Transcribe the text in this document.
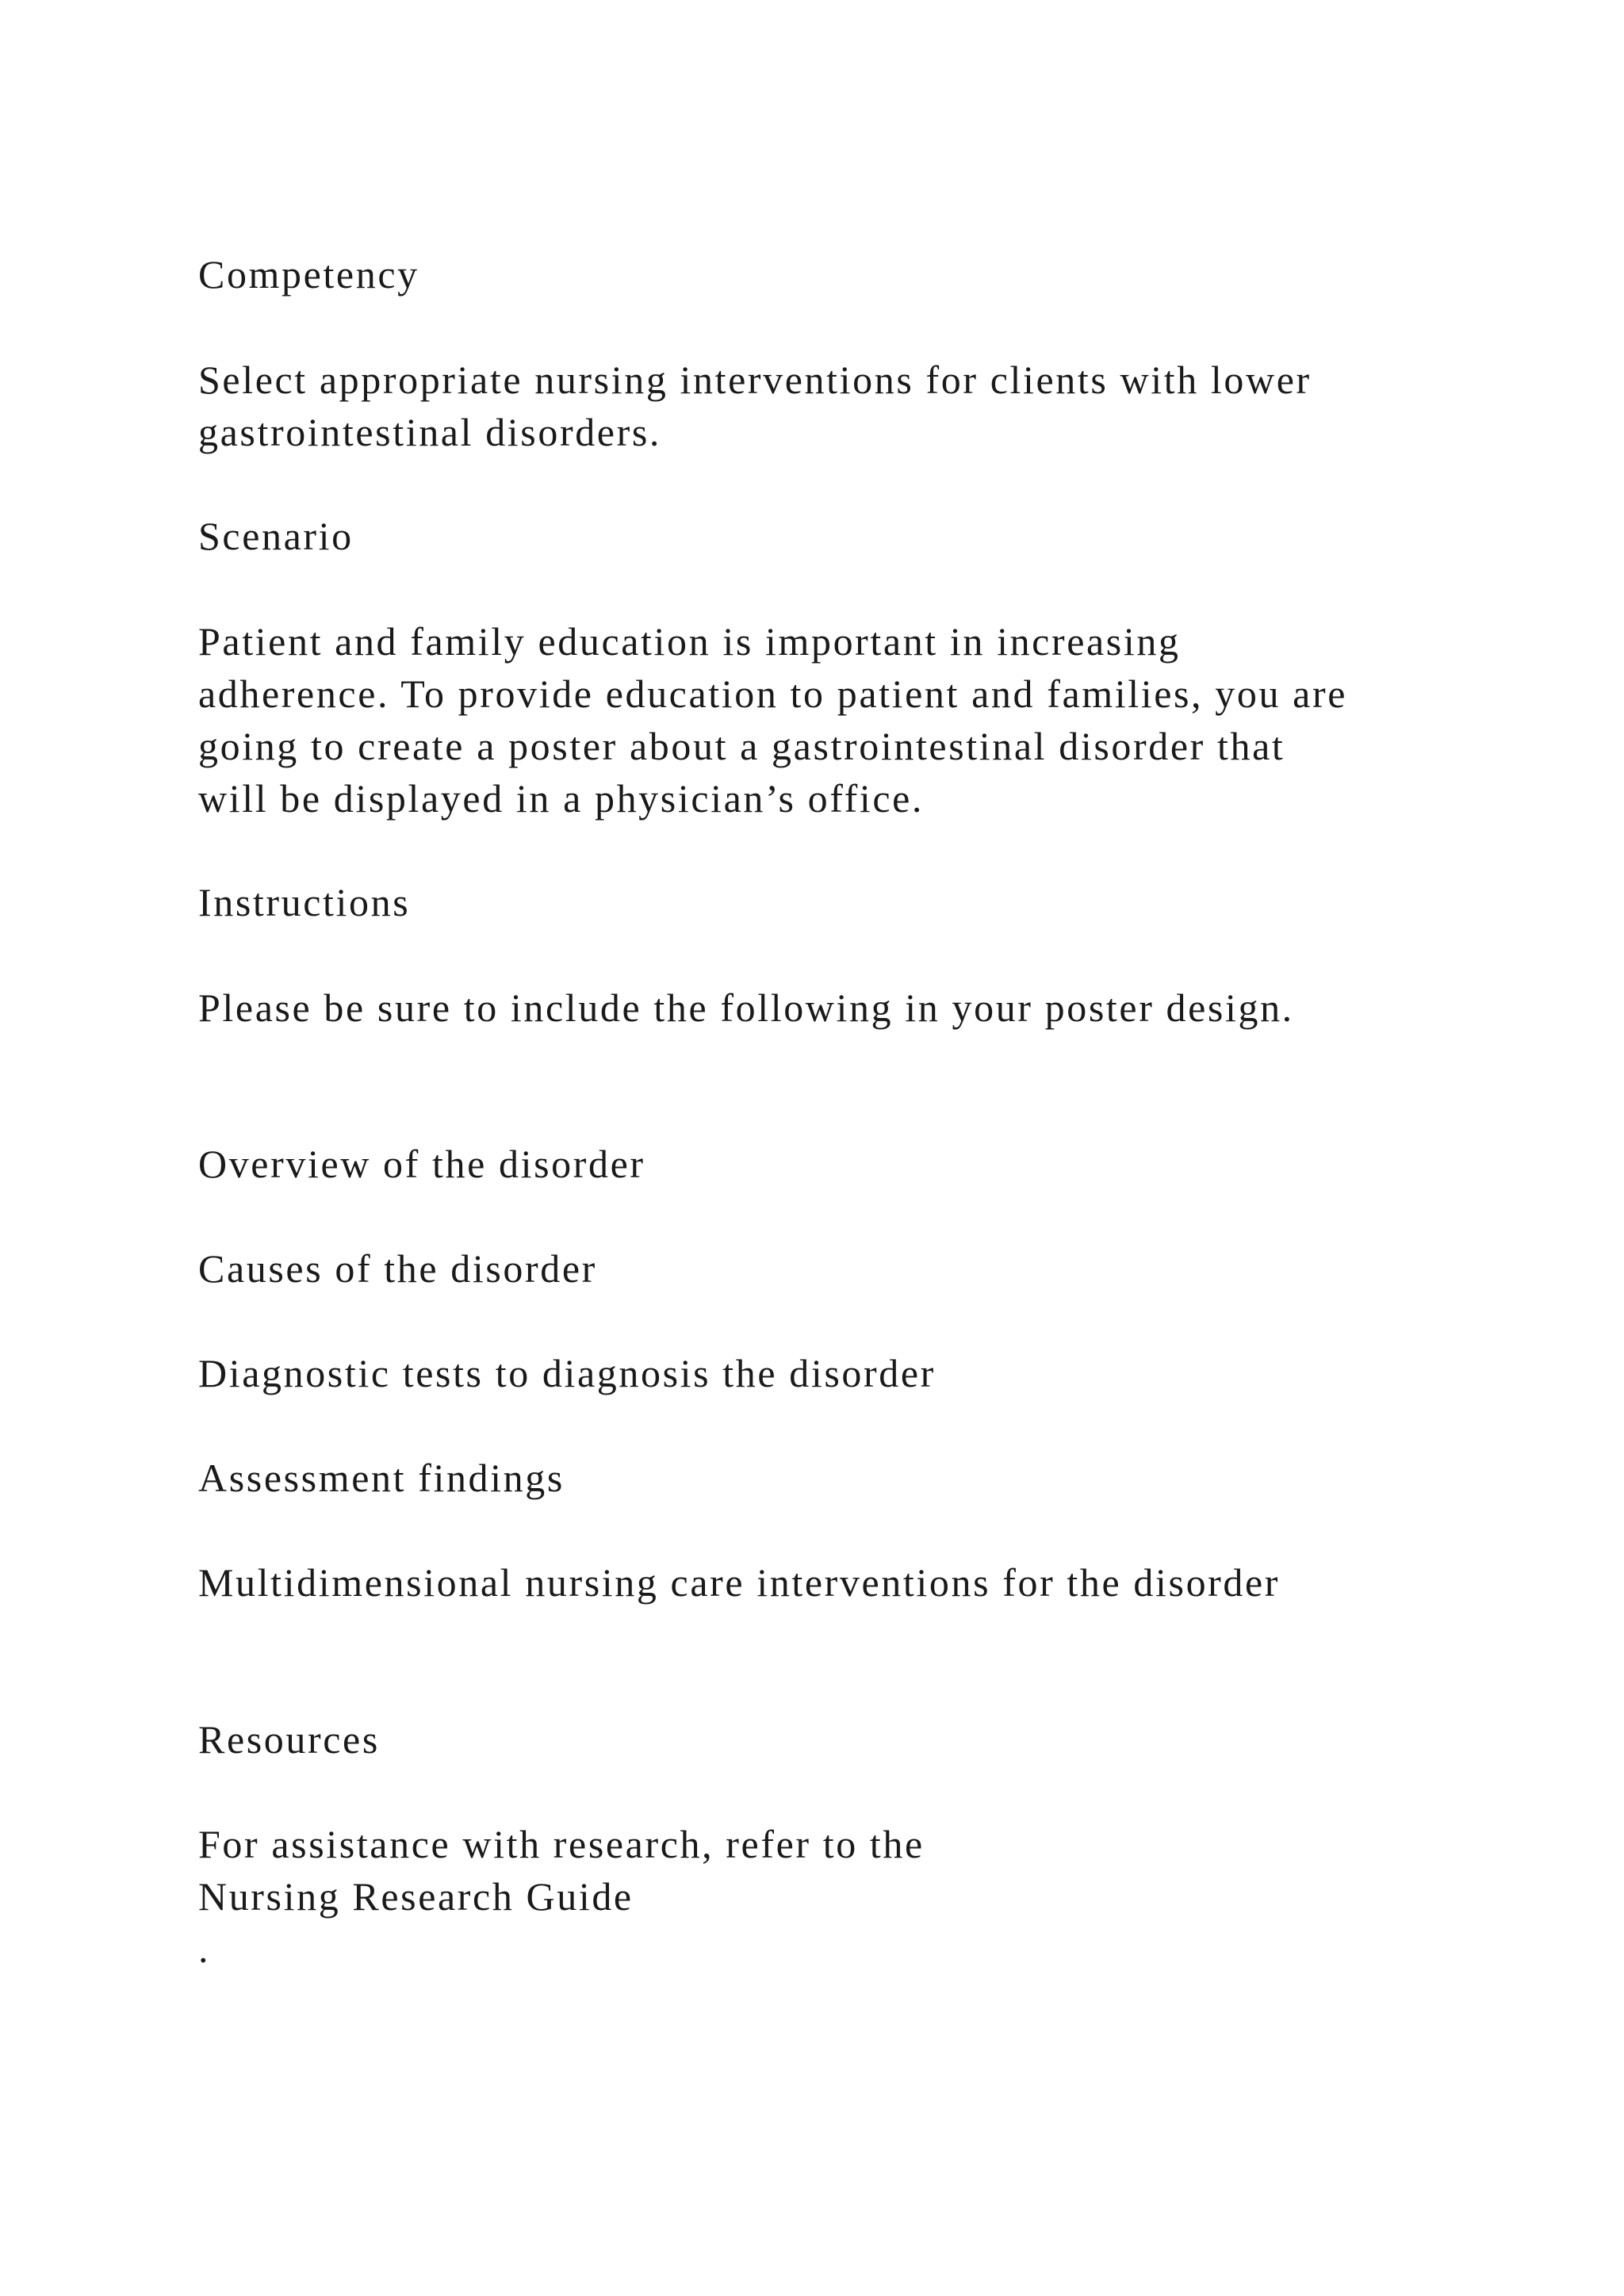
Competency

Select appropriate nursing interventions for clients with lower

gastrointestinal disorders.

Scenario

Patient and family education is important in increasing

adherence. To provide education to patient and families, you are

going to create a poster about a gastrointestinal disorder that

will be displayed in a physician’s office.

Instructions

Please be sure to include the following in your poster design.

Overview of the disorder

Causes of the disorder

Diagnostic tests to diagnosis the disorder

Assessment findings

Multidimensional nursing care interventions for the disorder

Resources

For assistance with research, refer to the

Nursing Research Guide

.
